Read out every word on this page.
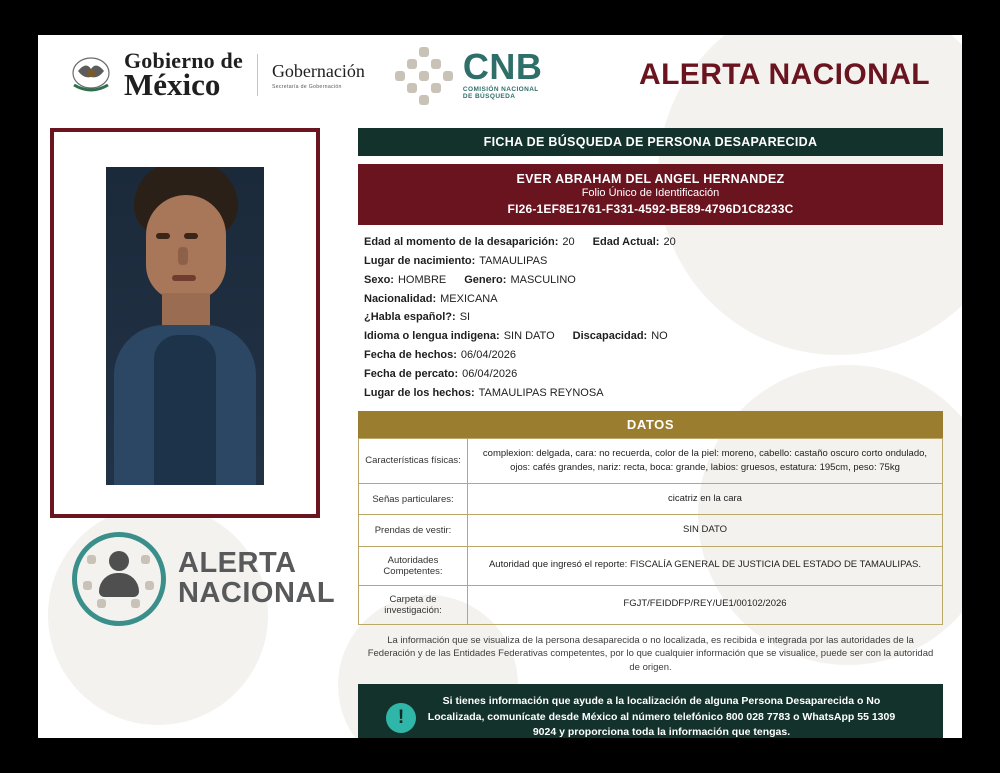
Gobierno de
México	Gobernación
Secretaría de Gobernación	CNB
COMISIÓN NACIONAL
DE BÚSQUEDA
ALERTA NACIONAL
ALERTA
NACIONAL
FICHA DE BÚSQUEDA DE PERSONA DESAPARECIDA
EVER ABRAHAM DEL ANGEL HERNANDEZ
Folio Único de Identificación
FI26-1EF8E1761-F331-4592-BE89-4796D1C8233C
Edad al momento de la desaparición: 20 Edad Actual: 20
Lugar de nacimiento: TAMAULIPAS
Sexo: HOMBRE Genero: MASCULINO
Nacionalidad: MEXICANA
¿Habla español?: SI
Idioma o lengua indigena: SIN DATO Discapacidad: NO
Fecha de hechos: 06/04/2026
Fecha de percato: 06/04/2026
Lugar de los hechos: TAMAULIPAS REYNOSA
DATOS
Características físicas:	complexion: delgada, cara: no recuerda, color de la piel: moreno, cabello: castaño oscuro corto ondulado, ojos: cafés grandes, nariz: recta, boca: grande, labios: gruesos, estatura: 195cm, peso: 75kg
Señas particulares:	cicatriz en la cara
Prendas de vestir:	SIN DATO
Autoridades Competentes:	Autoridad que ingresó el reporte: FISCALÍA GENERAL DE JUSTICIA DEL ESTADO DE TAMAULIPAS.
Carpeta de investigación:	FGJT/FEIDDFP/REY/UE1/00102/2026
La información que se visualiza de la persona desaparecida o no localizada, es recibida e integrada por las autoridades de la Federación y de las Entidades Federativas competentes, por lo que cualquier información que se visualice, puede ser con la autoridad de origen.
!
Si tienes información que ayude a la localización de alguna Persona Desaparecida o No Localizada, comunícate desde México al número telefónico 800 028 7783 o WhatsApp 55 1309 9024 y proporciona toda la información que tengas.
